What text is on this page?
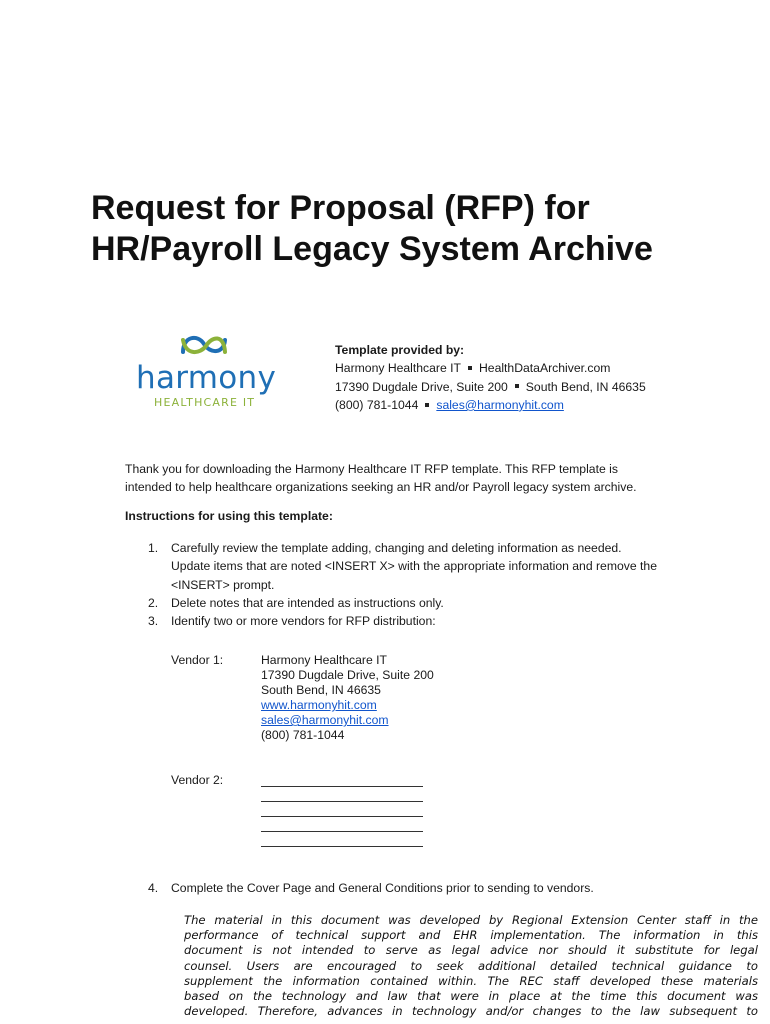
Request for Proposal (RFP) for
HR/Payroll Legacy System Archive
harmony
HEALTHCARE IT
Template provided by:
Harmony Healthcare IT HealthDataArchiver.com
17390 Dugdale Drive, Suite 200 South Bend, IN 46635
(800) 781-1044 sales@harmonyhit.com
Thank you for downloading the Harmony Healthcare IT RFP template. This RFP template is
intended to help healthcare organizations seeking an HR and/or Payroll legacy system archive.
Instructions for using this template:
1. Carefully review the template adding, changing and deleting information as needed.
Update items that are noted <INSERT X> with the appropriate information and remove the
<INSERT> prompt.
2. Delete notes that are intended as instructions only.
3. Identify two or more vendors for RFP distribution:
Vendor 1:	Harmony Healthcare IT
17390 Dugdale Drive, Suite 200
South Bend, IN 46635
www.harmonyhit.com
sales@harmonyhit.com
(800) 781-1044
Vendor 2:
4. Complete the Cover Page and General Conditions prior to sending to vendors.
The material in this document was developed by Regional Extension Center staff in the
performance of technical support and EHR implementation. The information in this
document is not intended to serve as legal advice nor should it substitute for legal
counsel. Users are encouraged to seek additional detailed technical guidance to
supplement the information contained within. The REC staff developed these materials
based on the technology and law that were in place at the time this document was
developed. Therefore, advances in technology and/or changes to the law subsequent to
